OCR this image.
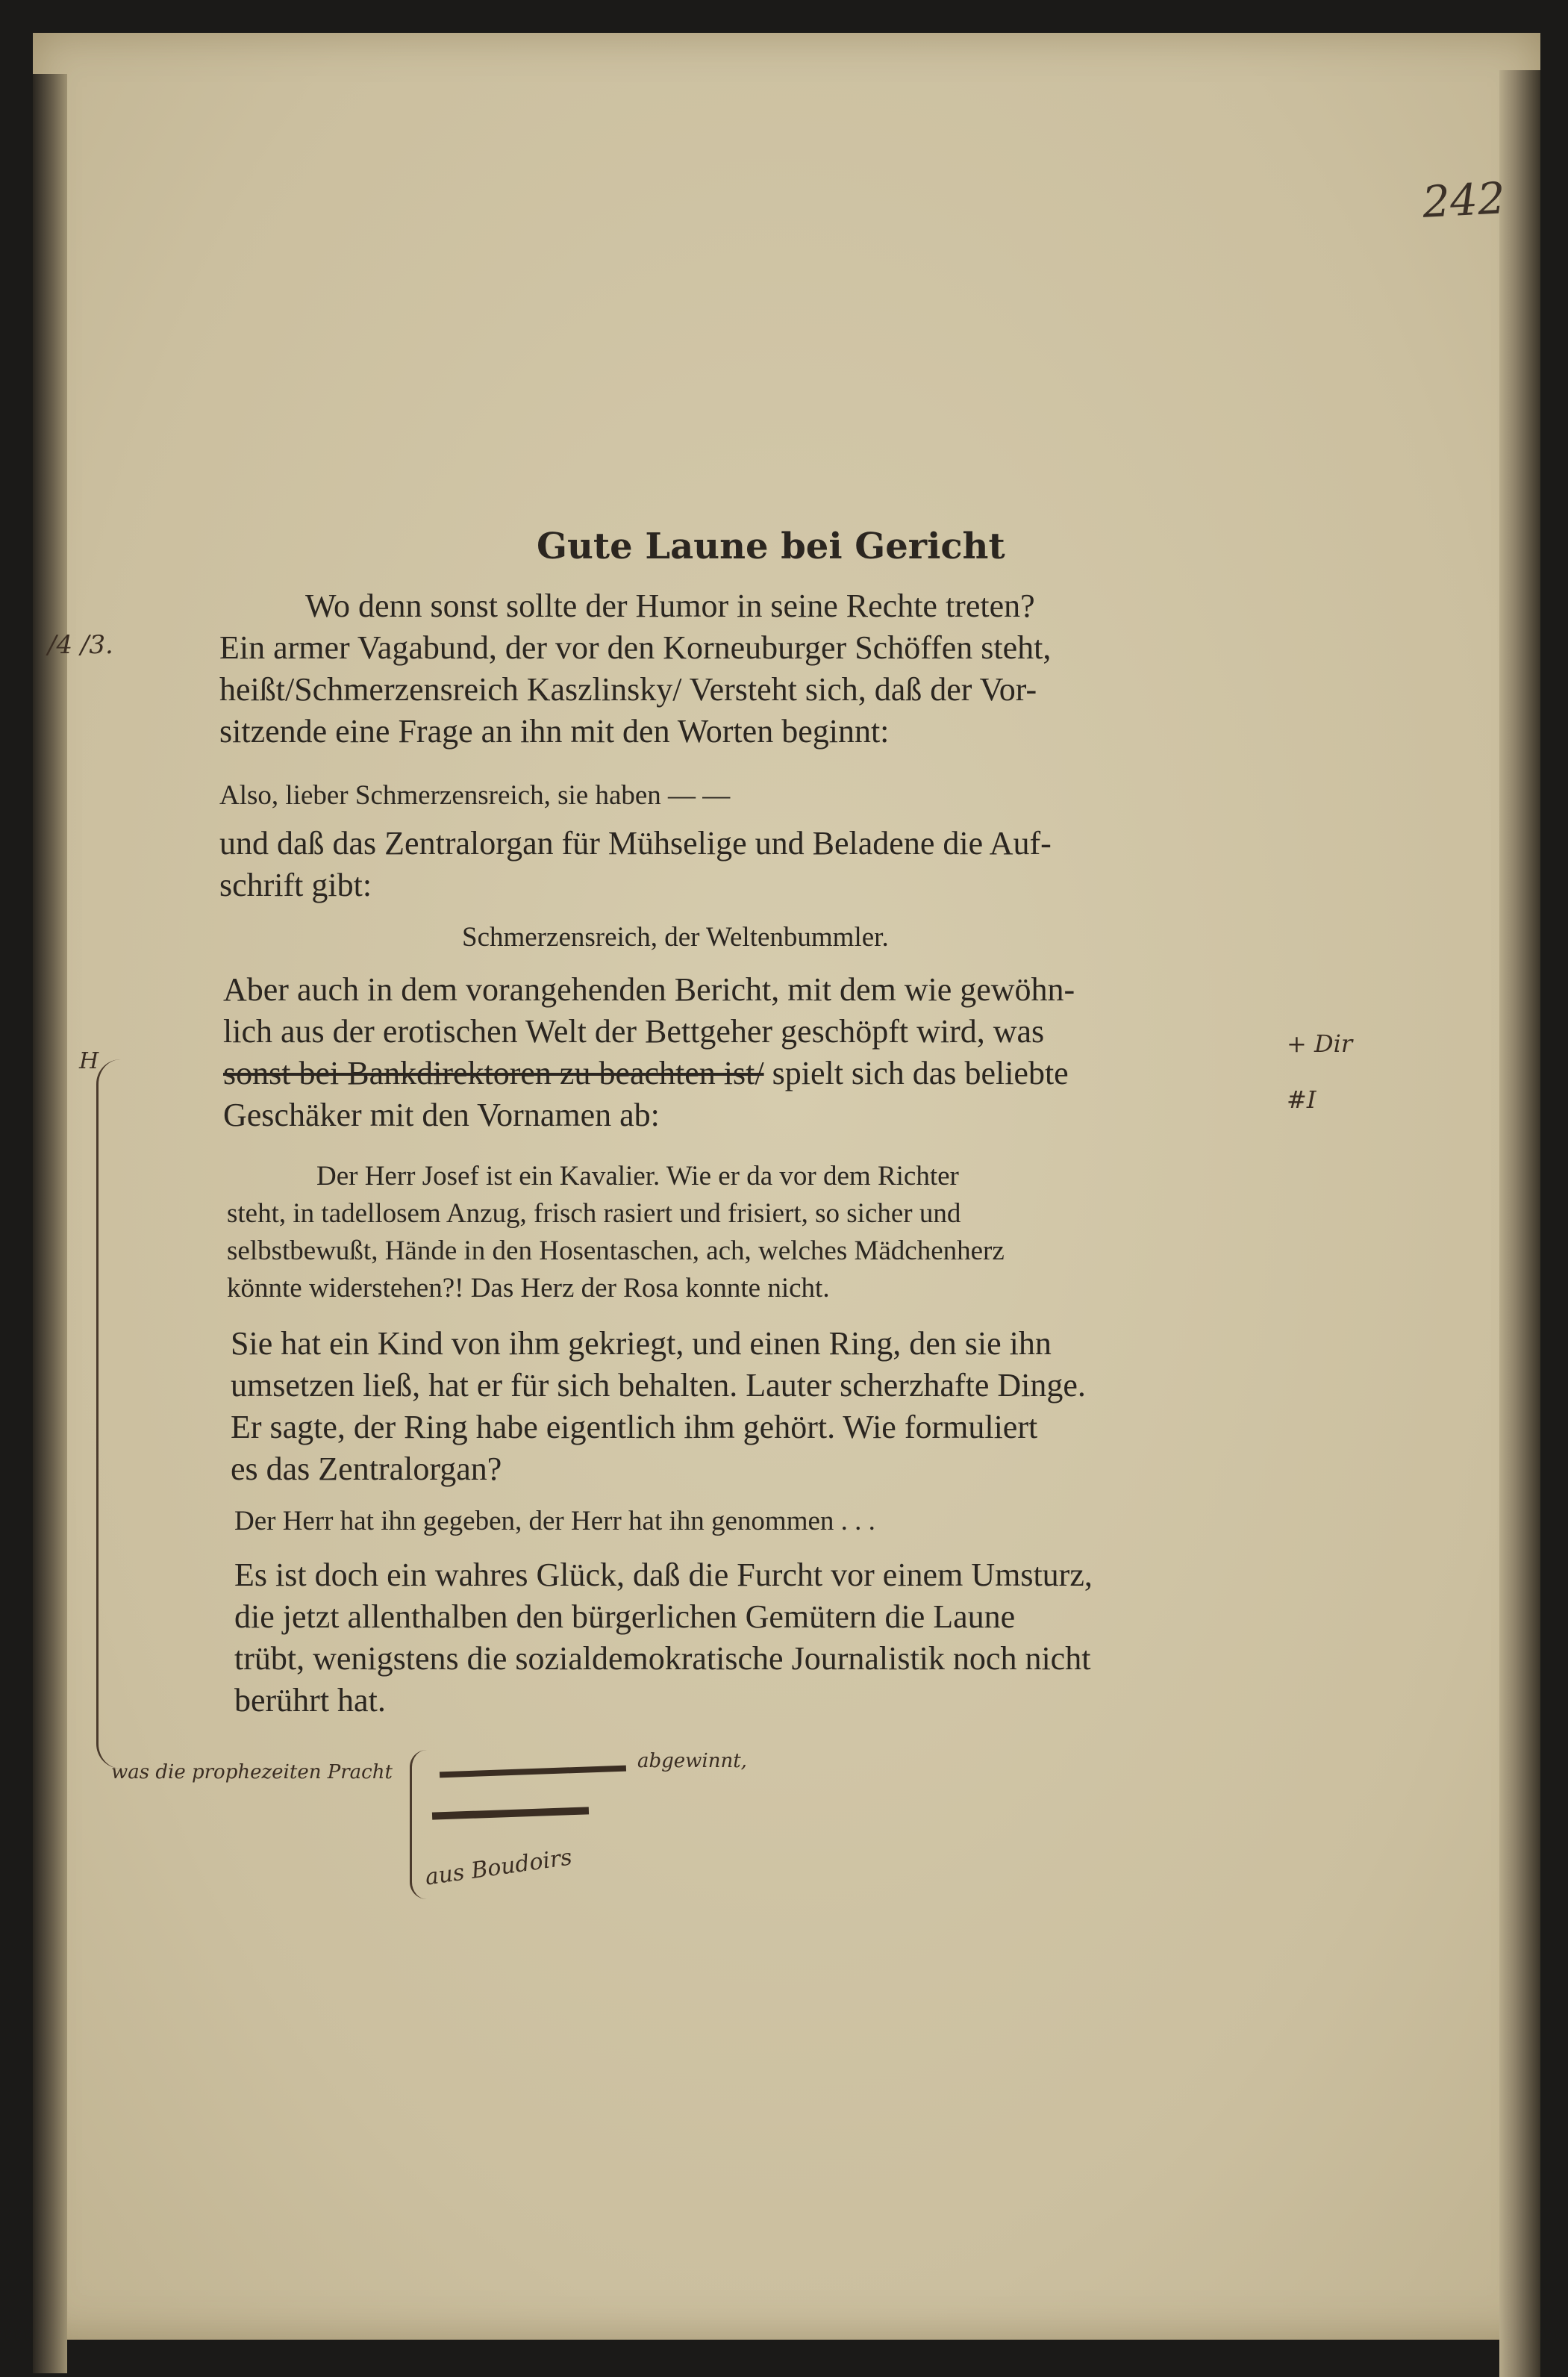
242
Gute Laune bei Gericht
Wo denn sonst sollte der Humor in seine Rechte treten?
Ein armer Vagabund, der vor den Korneuburger Schöffen steht,
heißt/Schmerzensreich Kaszlinsky/ Versteht sich, daß der Vor-
sitzende eine Frage an ihn mit den Worten beginnt:
Also, lieber Schmerzensreich, sie haben — —
und daß das Zentralorgan für Mühselige und Beladene die Auf-
schrift gibt:
Schmerzensreich, der Weltenbummler.
Aber auch in dem vorangehenden Bericht, mit dem wie gewöhn-
lich aus der erotischen Welt der Bettgeher geschöpft wird, was
sonst bei Bankdirektoren zu beachten ist/ spielt sich das beliebte
Geschäker mit den Vornamen ab:
Der Herr Josef ist ein Kavalier. Wie er da vor dem Richter
steht, in tadellosem Anzug, frisch rasiert und frisiert, so sicher und
selbstbewußt, Hände in den Hosentaschen, ach, welches Mädchenherz
könnte widerstehen?! Das Herz der Rosa konnte nicht.
Sie hat ein Kind von ihm gekriegt, und einen Ring, den sie ihn
umsetzen ließ, hat er für sich behalten. Lauter scherzhafte Dinge.
Er sagte, der Ring habe eigentlich ihm gehört. Wie formuliert
es das Zentralorgan?
Der Herr hat ihn gegeben, der Herr hat ihn genommen . . .
Es ist doch ein wahres Glück, daß die Furcht vor einem Umsturz,
die jetzt allenthalben den bürgerlichen Gemütern die Laune
trübt, wenigstens die sozialdemokratische Journalistik noch nicht
berührt hat.
/4 /3.
H
+ Dir
#I
was die prophezeiten Pracht	abgewinnt,
aus Boudoirs
